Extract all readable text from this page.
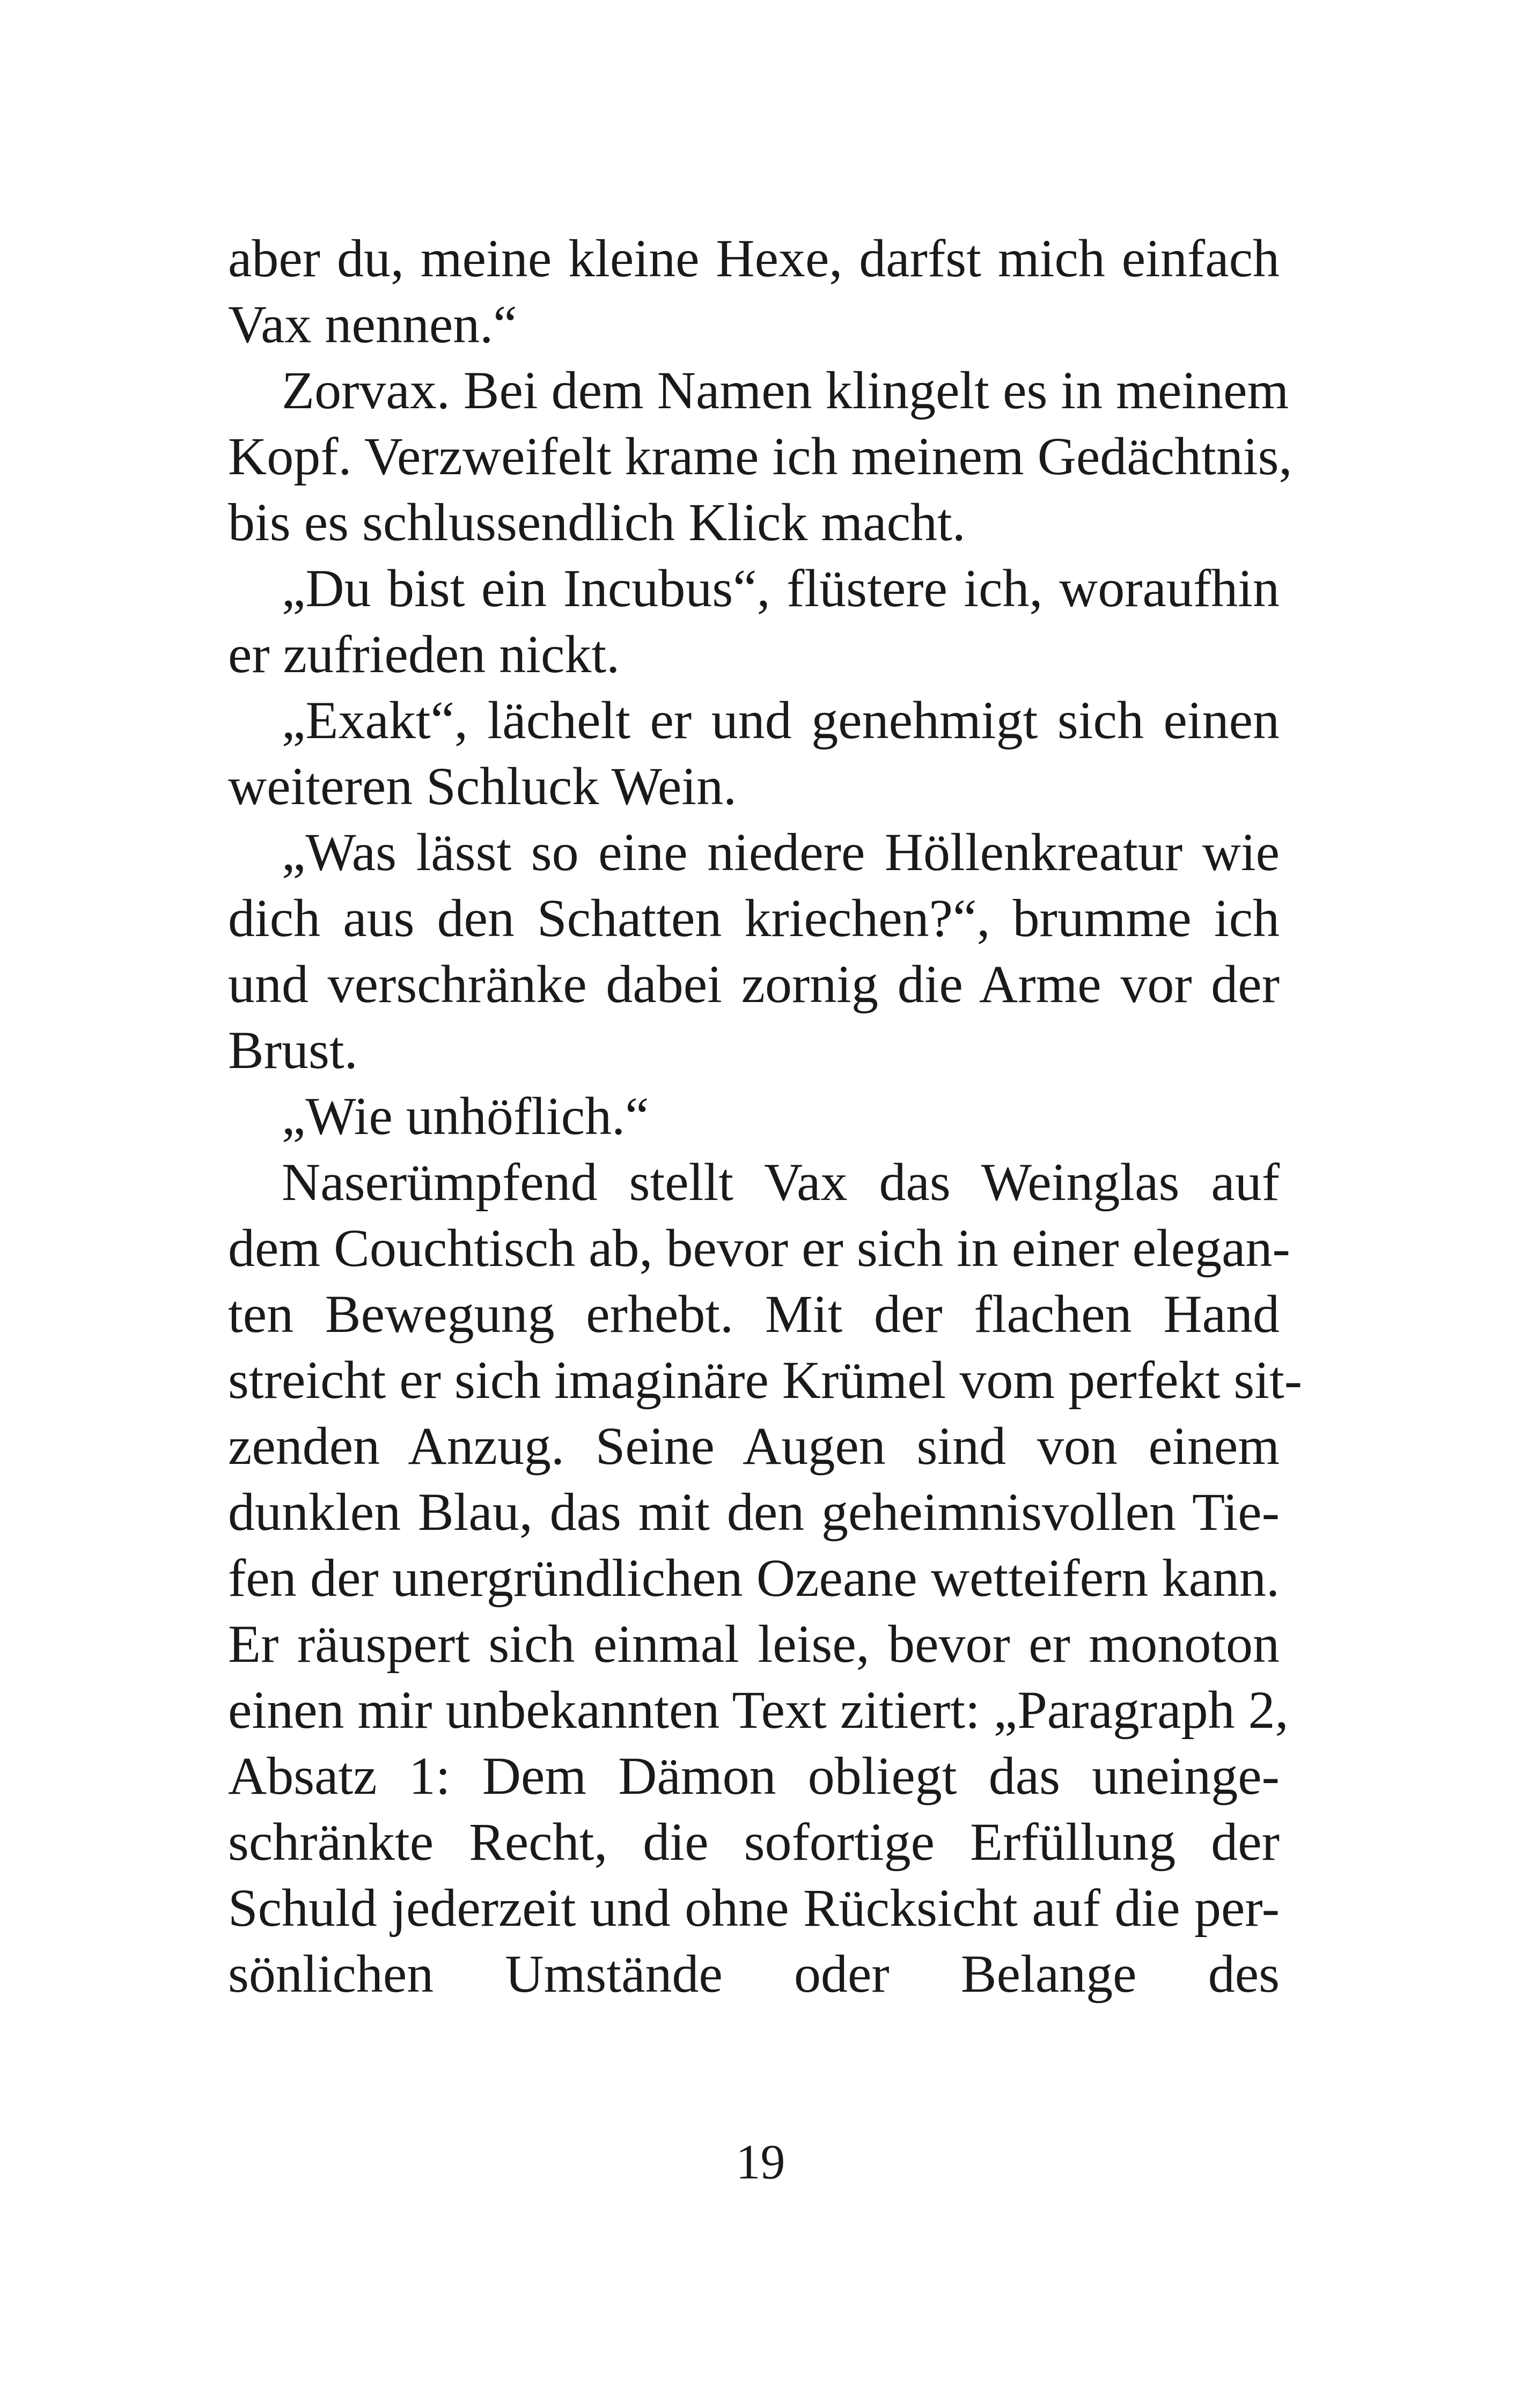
aber du, meine kleine Hexe, darfst mich einfach
Vax nennen.“
Zorvax. Bei dem Namen klingelt es in meinem
Kopf. Verzweifelt krame ich meinem Gedächtnis,
bis es schlussendlich Klick macht.
„Du bist ein Incubus“, flüstere ich, woraufhin
er zufrieden nickt.
„Exakt“, lächelt er und genehmigt sich einen
weiteren Schluck Wein.
„Was lässt so eine niedere Höllenkreatur wie
dich aus den Schatten kriechen?“, brumme ich
und verschränke dabei zornig die Arme vor der
Brust.
„Wie unhöflich.“
Naserümpfend stellt Vax das Weinglas auf
dem Couchtisch ab, bevor er sich in einer elegan-
ten Bewegung erhebt. Mit der flachen Hand
streicht er sich imaginäre Krümel vom perfekt sit-
zenden Anzug. Seine Augen sind von einem
dunklen Blau, das mit den geheimnisvollen Tie-
fen der unergründlichen Ozeane wetteifern kann.
Er räuspert sich einmal leise, bevor er monoton
einen mir unbekannten Text zitiert: „Paragraph 2,
Absatz 1: Dem Dämon obliegt das uneinge-
schränkte Recht, die sofortige Erfüllung der
Schuld jederzeit und ohne Rücksicht auf die per-
sönlichen Umstände oder Belange des
19
